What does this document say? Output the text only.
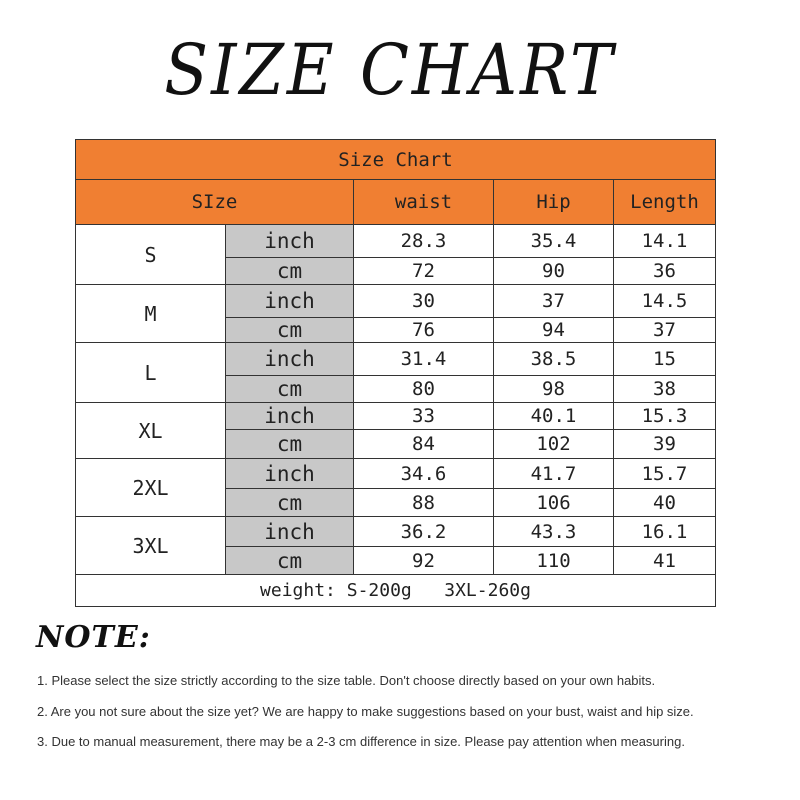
SIZE CHART
Size Chart				
SIze		waist	Hip	Length
S	inch	28.3	35.4	14.1
	cm	72	90	36
M	inch	30	37	14.5
	cm	76	94	37
L	inch	31.4	38.5	15
	cm	80	98	38
XL	inch	33	40.1	15.3
	cm	84	102	39
2XL	inch	34.6	41.7	15.7
	cm	88	106	40
3XL	inch	36.2	43.3	16.1
	cm	92	110	41
weight: S-200g   3XL-260g				
NOTE:
1. Please select the size strictly according to the size table. Don't choose directly based on your own habits.
2. Are you not sure about the size yet? We are happy to make suggestions based on your bust, waist and hip size.
3. Due to manual measurement, there may be a 2-3 cm difference in size. Please pay attention when measuring.
